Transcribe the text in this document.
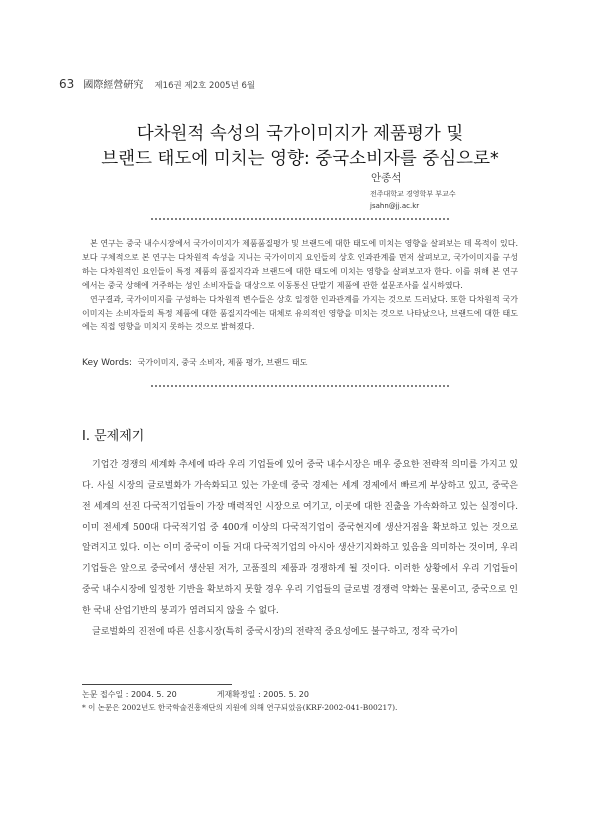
63 國際經營硏究 제16권 제2호 2005년 6월
다차원적 속성의 국가이미지가 제품평가 및
브랜드 태도에 미치는 영향: 중국소비자를 중심으로*
안종석
전주대학교 경영학부 부교수
jsahn@jj.ac.kr

본 연구는 중국 내수시장에서 국가이미지가 제품품질평가 및 브랜드에 대한 태도에 미치는 영향을 살펴보는 데 목적이 있다. 보다 구체적으로 본 연구는 다차원적 속성을 지니는 국가이미지 요인들의 상호 인과관계를 먼저 살펴보고, 국가이미지를 구성하는 다차원적인 요인들이 특정 제품의 품질지각과 브랜드에 대한 태도에 미치는 영향을 살펴보고자 한다. 이를 위해 본 연구에서는 중국 상해에 거주하는 성인 소비자들을 대상으로 이동통신 단말기 제품에 관한 설문조사를 실시하였다.

연구결과, 국가이미지를 구성하는 다차원적 변수들은 상호 일정한 인과관계를 가지는 것으로 드러났다. 또한 다차원적 국가이미지는 소비자들의 특정 제품에 대한 품질지각에는 대체로 유의적인 영향을 미치는 것으로 나타났으나, 브랜드에 대한 태도에는 직접 영향을 미치지 못하는 것으로 밝혀졌다.

Key Words: 국가이미지, 중국 소비자, 제품 평가, 브랜드 태도
Ⅰ. 문제제기

기업간 경쟁의 세계화 추세에 따라 우리 기업들에 있어 중국 내수시장은 매우 중요한 전략적 의미를 가지고 있다. 사실 시장의 글로벌화가 가속화되고 있는 가운데 중국 경제는 세계 경제에서 빠르게 부상하고 있고, 중국은 전 세계의 선진 다국적기업들이 가장 매력적인 시장으로 여기고, 이곳에 대한 진출을 가속화하고 있는 실정이다. 이미 전세계 500대 다국적기업 중 400개 이상의 다국적기업이 중국현지에 생산거점을 확보하고 있는 것으로 알려지고 있다. 이는 이미 중국이 이들 거대 다국적기업의 아시아 생산기지화하고 있음을 의미하는 것이며, 우리 기업들은 앞으로 중국에서 생산된 저가, 고품질의 제품과 경쟁하게 될 것이다. 이러한 상황에서 우리 기업들이 중국 내수시장에 일정한 기반을 확보하지 못할 경우 우리 기업들의 글로벌 경쟁력 약화는 물론이고, 중국으로 인한 국내 산업기반의 붕괴가 염려되지 않을 수 없다.

글로벌화의 진전에 따른 신흥시장(특히 중국시장)의 전략적 중요성에도 불구하고, 정작 국가이

논문 접수일 : 2004. 5. 20	게재확정일 : 2005. 5. 20
* 이 논문은 2002년도 한국학술진흥재단의 지원에 의해 연구되었음(KRF-2002-041-B00217).
